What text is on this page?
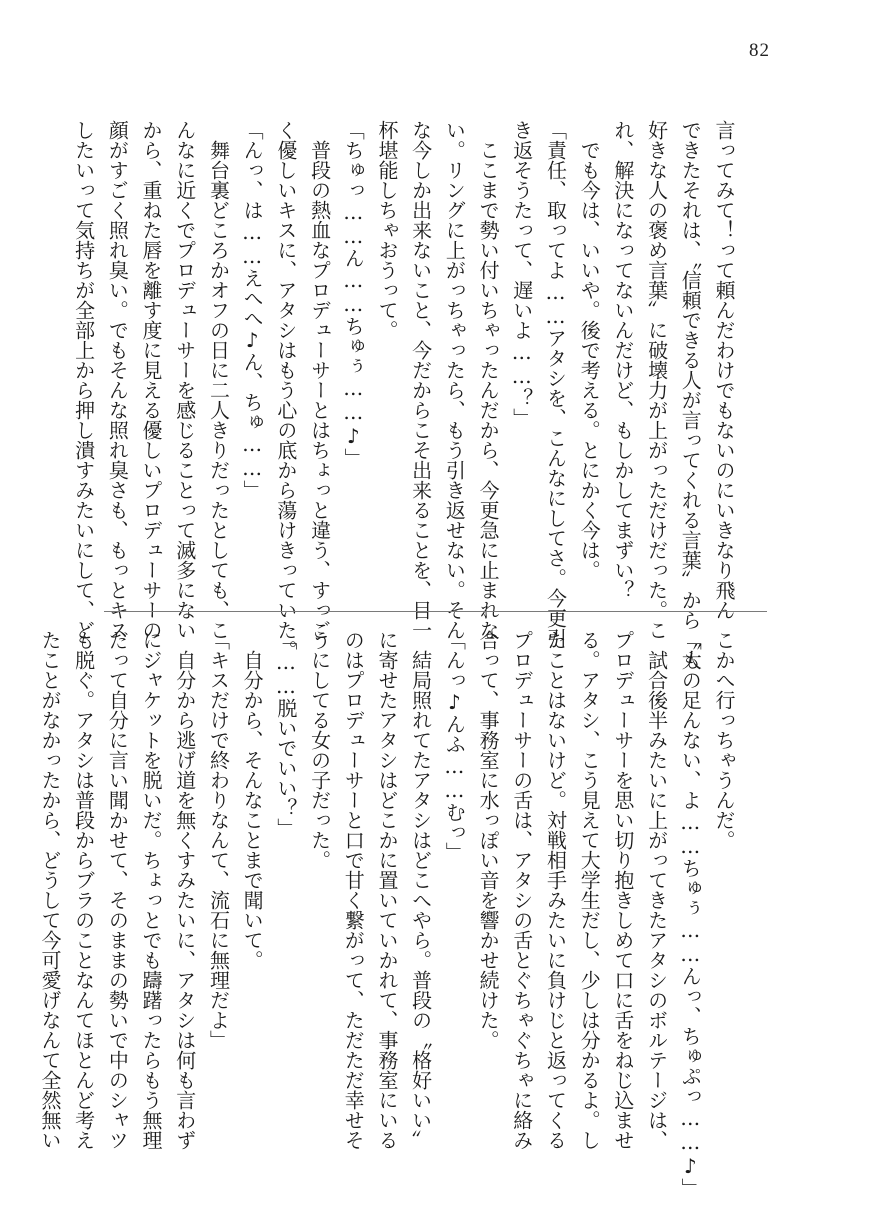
82
言ってみて！って頼んだわけでもないのにいきなり飛ん
できたそれは、〝信頼できる人が言ってくれる言葉〟から〝大
好きな人の褒め言葉〟に破壊力が上がっただけだった。こ
れ、解決になってないんだけど、もしかしてまずい？
　でも今は、いいや。後で考える。とにかく今は。
「責任、取ってよ……アタシを、こんなにしてさ。今更引
き返そうたって、遅いよ……？」
　ここまで勢い付いちゃったんだから、今更急に止まれな
い。リングに上がっちゃったら、もう引き返せない。そん
な今しか出来ないこと、今だからこそ出来ることを、目一
杯堪能しちゃおうって。
「ちゅっ……ん……ちゅぅ……♪」
　普段の熱血なプロデューサーとはちょっと違う、すっご
く優しいキスに、アタシはもう心の底から蕩けきっていた。
「んっ、は……えへへ♪ん、ちゅ……」
　舞台裏どころかオフの日に二人きりだったとしても、こ
んなに近くでプロデューサーを感じることって滅多にない
から、重ねた唇を離す度に見える優しいプロデューサーの
顔がすごく照れ臭い。でもそんな照れ臭さも、もっとキス
したいって気持ちが全部上から押し潰すみたいにして、ど
こかへ行っちゃうんだ。
「もの足んない、よ……ちゅぅ……んっ、ちゅぷっ……♪」
　試合後半みたいに上がってきたアタシのボルテージは、
プロデューサーを思い切り抱きしめて口に舌をねじ込ませ
る。アタシ、こう見えて大学生だし、少しは分かるよ。し
たことはないけど。対戦相手みたいに負けじと返ってくる
プロデューサーの舌は、アタシの舌とぐちゃぐちゃに絡み
合って、事務室に水っぽい音を響かせ続けた。
「んっ♪んふ……むっ」
　結局照れてたアタシはどこへやら。普段の〝格好いい〟
に寄せたアタシはどこかに置いていかれて、事務室にいる
のはプロデューサーと口で甘く繋がって、ただただ幸せそ
うにしてる女の子だった。
「……脱いでいい？」
　自分から、そんなことまで聞いて。
「キスだけで終わりなんて、流石に無理だよ」
　自分から逃げ道を無くすみたいに、アタシは何も言わず
にジャケットを脱いだ。ちょっとでも躊躇ったらもう無理
だって自分に言い聞かせて、そのままの勢いで中のシャツ
も脱ぐ。アタシは普段からブラのことなんてほとんど考え
たことがなかったから、どうして今可愛げなんて全然無い
